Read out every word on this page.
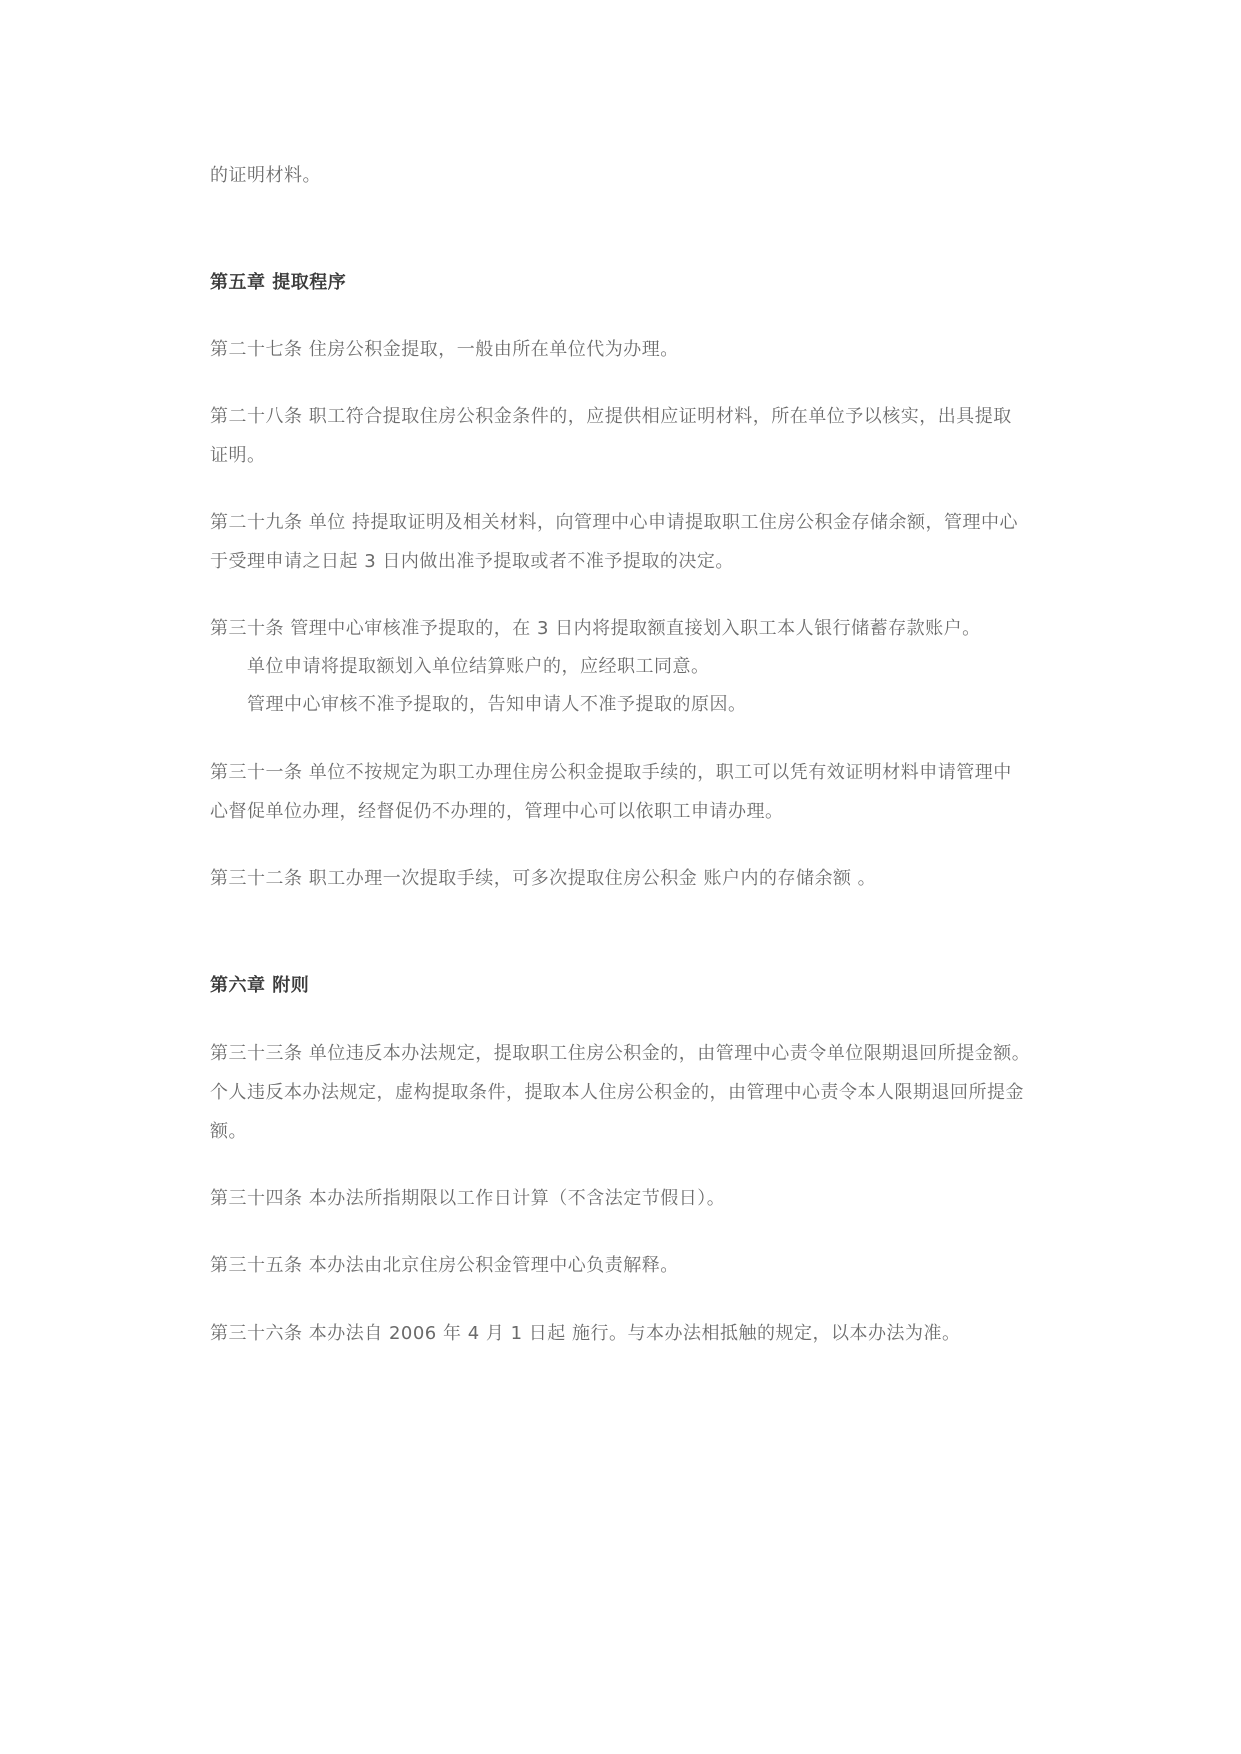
的证明材料。
第五章 提取程序
第二十七条 住房公积金提取，一般由所在单位代为办理。
第二十八条 职工符合提取住房公积金条件的，应提供相应证明材料，所在单位予以核实，出具提取
证明。
第二十九条 单位 持提取证明及相关材料，向管理中心申请提取职工住房公积金存储余额，管理中心
于受理申请之日起 3 日内做出准予提取或者不准予提取的决定。
第三十条 管理中心审核准予提取的，在 3 日内将提取额直接划入职工本人银行储蓄存款账户。
单位申请将提取额划入单位结算账户的，应经职工同意。
管理中心审核不准予提取的，告知申请人不准予提取的原因。
第三十一条 单位不按规定为职工办理住房公积金提取手续的，职工可以凭有效证明材料申请管理中
心督促单位办理，经督促仍不办理的，管理中心可以依职工申请办理。
第三十二条 职工办理一次提取手续，可多次提取住房公积金 账户内的存储余额 。
第六章 附则
第三十三条 单位违反本办法规定，提取职工住房公积金的，由管理中心责令单位限期退回所提金额。
个人违反本办法规定，虚构提取条件，提取本人住房公积金的，由管理中心责令本人限期退回所提金
额。
第三十四条 本办法所指期限以工作日计算（不含法定节假日）。
第三十五条 本办法由北京住房公积金管理中心负责解释。
第三十六条 本办法自 2006 年 4 月 1 日起 施行。与本办法相抵触的规定，以本办法为准。
